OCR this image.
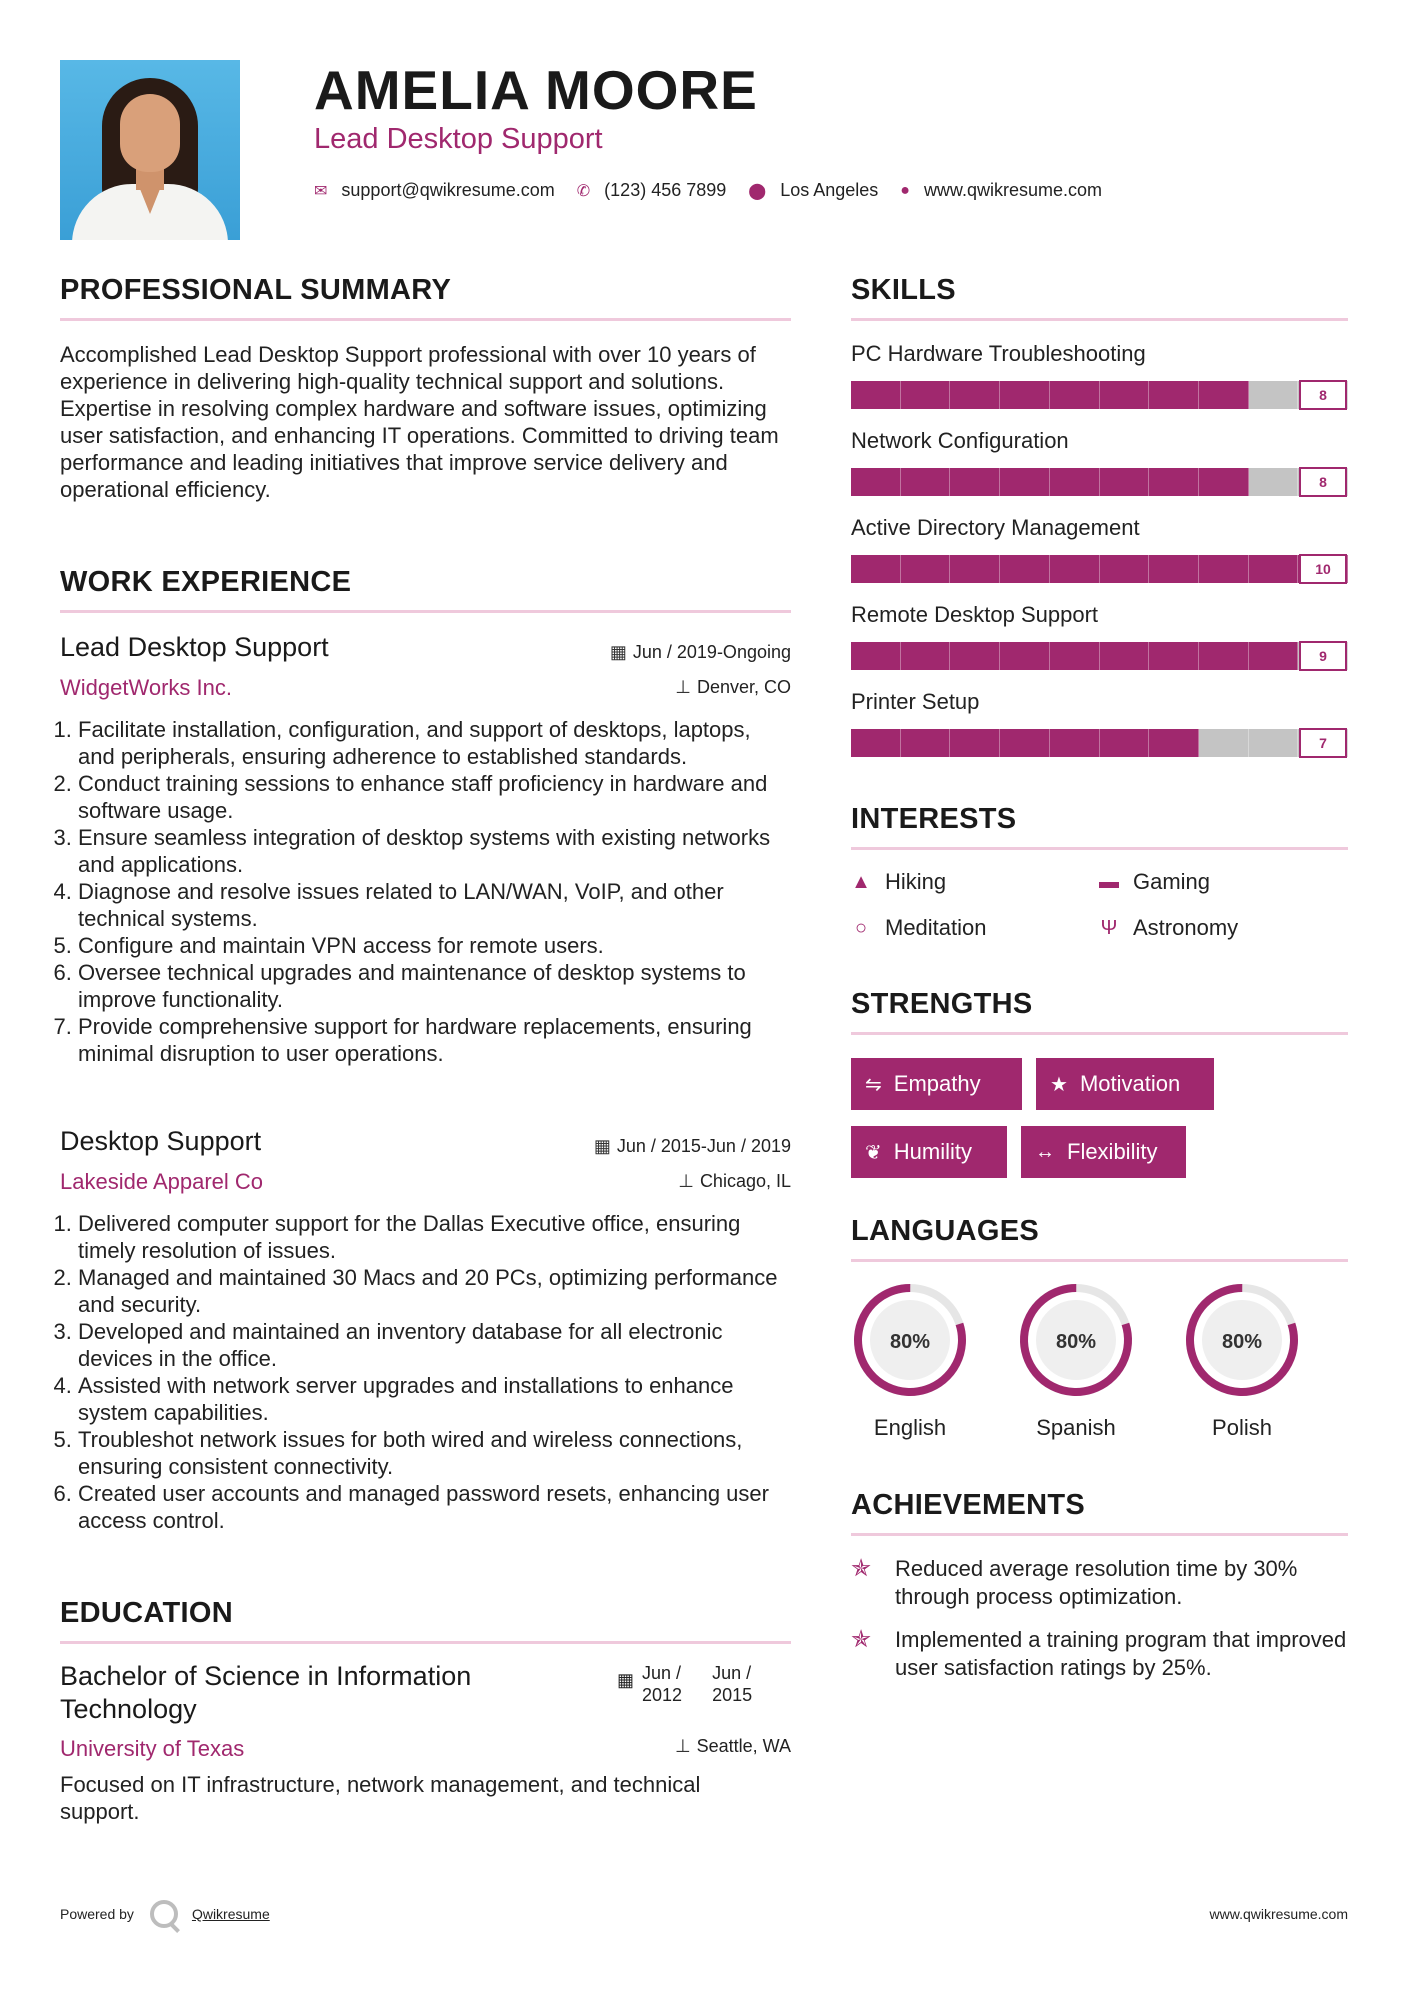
AMELIA MOORE
Lead Desktop Support
✉ support@qwikresume.com ✆ (123) 456 7899 ⬤ Los Angeles ● www.qwikresume.com
PROFESSIONAL SUMMARY
Accomplished Lead Desktop Support professional with over 10 years of experience in delivering high-quality technical support and solutions. Expertise in resolving complex hardware and software issues, optimizing user satisfaction, and enhancing IT operations. Committed to driving team performance and leading initiatives that improve service delivery and operational efficiency.
WORK EXPERIENCE
Lead Desktop Support
WidgetWorks Inc.
▦ Jun / 2019-Ongoing
⊥ Denver, CO
1. Facilitate installation, configuration, and support of desktops, laptops, and peripherals, ensuring adherence to established standards.
2. Conduct training sessions to enhance staff proficiency in hardware and software usage.
3. Ensure seamless integration of desktop systems with existing networks and applications.
4. Diagnose and resolve issues related to LAN/WAN, VoIP, and other technical systems.
5. Configure and maintain VPN access for remote users.
6. Oversee technical upgrades and maintenance of desktop systems to improve functionality.
7. Provide comprehensive support for hardware replacements, ensuring minimal disruption to user operations.
Desktop Support
Lakeside Apparel Co
▦ Jun / 2015-Jun / 2019
⊥ Chicago, IL
1. Delivered computer support for the Dallas Executive office, ensuring timely resolution of issues.
2. Managed and maintained 30 Macs and 20 PCs, optimizing performance and security.
3. Developed and maintained an inventory database for all electronic devices in the office.
4. Assisted with network server upgrades and installations to enhance system capabilities.
5. Troubleshot network issues for both wired and wireless connections, ensuring consistent connectivity.
6. Created user accounts and managed password resets, enhancing user access control.
EDUCATION
Bachelor of Science in Information
Technology
▦ Jun /
2012
Jun /
2015
University of Texas	⊥ Seattle, WA
Focused on IT infrastructure, network management, and technical support.
SKILLS
PC Hardware Troubleshooting
8
Network Configuration
8
Active Directory Management
10
Remote Desktop Support
9
Printer Setup
7
INTERESTS
▲ Hiking	▬ Gaming
○ Meditation	Ψ Astronomy
STRENGTHS
⇋ Empathy	★ Motivation
❦ Humility	↔ Flexibility
LANGUAGES
80%
English
80%
Spanish
80%
Polish
ACHIEVEMENTS
✯	Reduced average resolution time by 30% through process optimization.
✯	Implemented a training program that improved user satisfaction ratings by 25%.
Powered by	Qwikresume	www.qwikresume.com
